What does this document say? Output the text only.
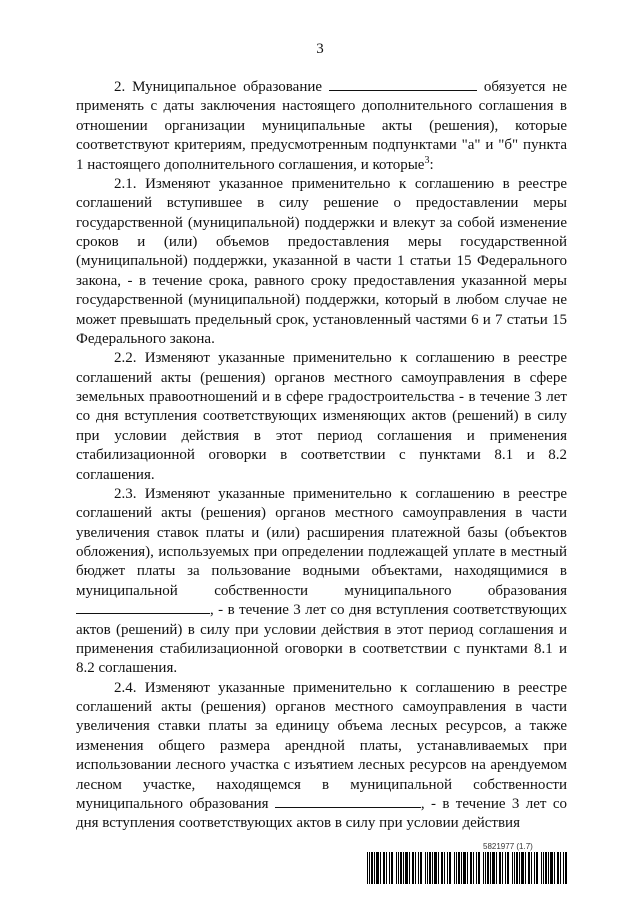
3

2. Муниципальное образование	обязуется не применять с даты заключения настоящего дополнительного соглашения в отношении организации муниципальные акты (решения), которые соответствуют критериям, предусмотренным подпунктами "а" и "б" пункта 1 настоящего дополнительного соглашения, и которые$^3$:

2.1. Изменяют указанное применительно к соглашению в реестре соглашений вступившее в силу решение о предоставлении меры государственной (муниципальной) поддержки и влекут за собой изменение сроков и (или) объемов предоставления меры государственной (муниципальной) поддержки, указанной в части 1 статьи 15 Федерального закона, - в течение срока, равного сроку предоставления указанной меры государственной (муниципальной) поддержки, который в любом случае не может превышать предельный срок, установленный частями 6 и 7 статьи 15 Федерального закона.

2.2. Изменяют указанные применительно к соглашению в реестре соглашений акты (решения) органов местного самоуправления в сфере земельных правоотношений и в сфере градостроительства - в течение 3 лет со дня вступления соответствующих изменяющих актов (решений) в силу при условии действия в этот период соглашения и применения стабилизационной оговорки в соответствии с пунктами 8.1 и 8.2 соглашения.

2.3. Изменяют указанные применительно к соглашению в реестре соглашений акты (решения) органов местного самоуправления в части увеличения ставок платы и (или) расширения платежной базы (объектов обложения), используемых при определении подлежащей уплате в местный бюджет платы за пользование водными объектами, находящимися в муниципальной собственности муниципального образования , - в течение 3 лет со дня вступления соответствующих актов (решений) в силу при условии действия в этот период соглашения и применения стабилизационной оговорки в соответствии с пунктами 8.1 и 8.2 соглашения.

2.4. Изменяют указанные применительно к соглашению в реестре соглашений акты (решения) органов местного самоуправления в части увеличения ставки платы за единицу объема лесных ресурсов, а также изменения общего размера арендной платы, устанавливаемых при использовании лесного участка с изъятием лесных ресурсов на арендуемом лесном участке, находящемся в муниципальной собственности муниципального образования	, - в течение 3 лет со дня вступления соответствующих актов в силу при условии действия

5821977 (1.7)
